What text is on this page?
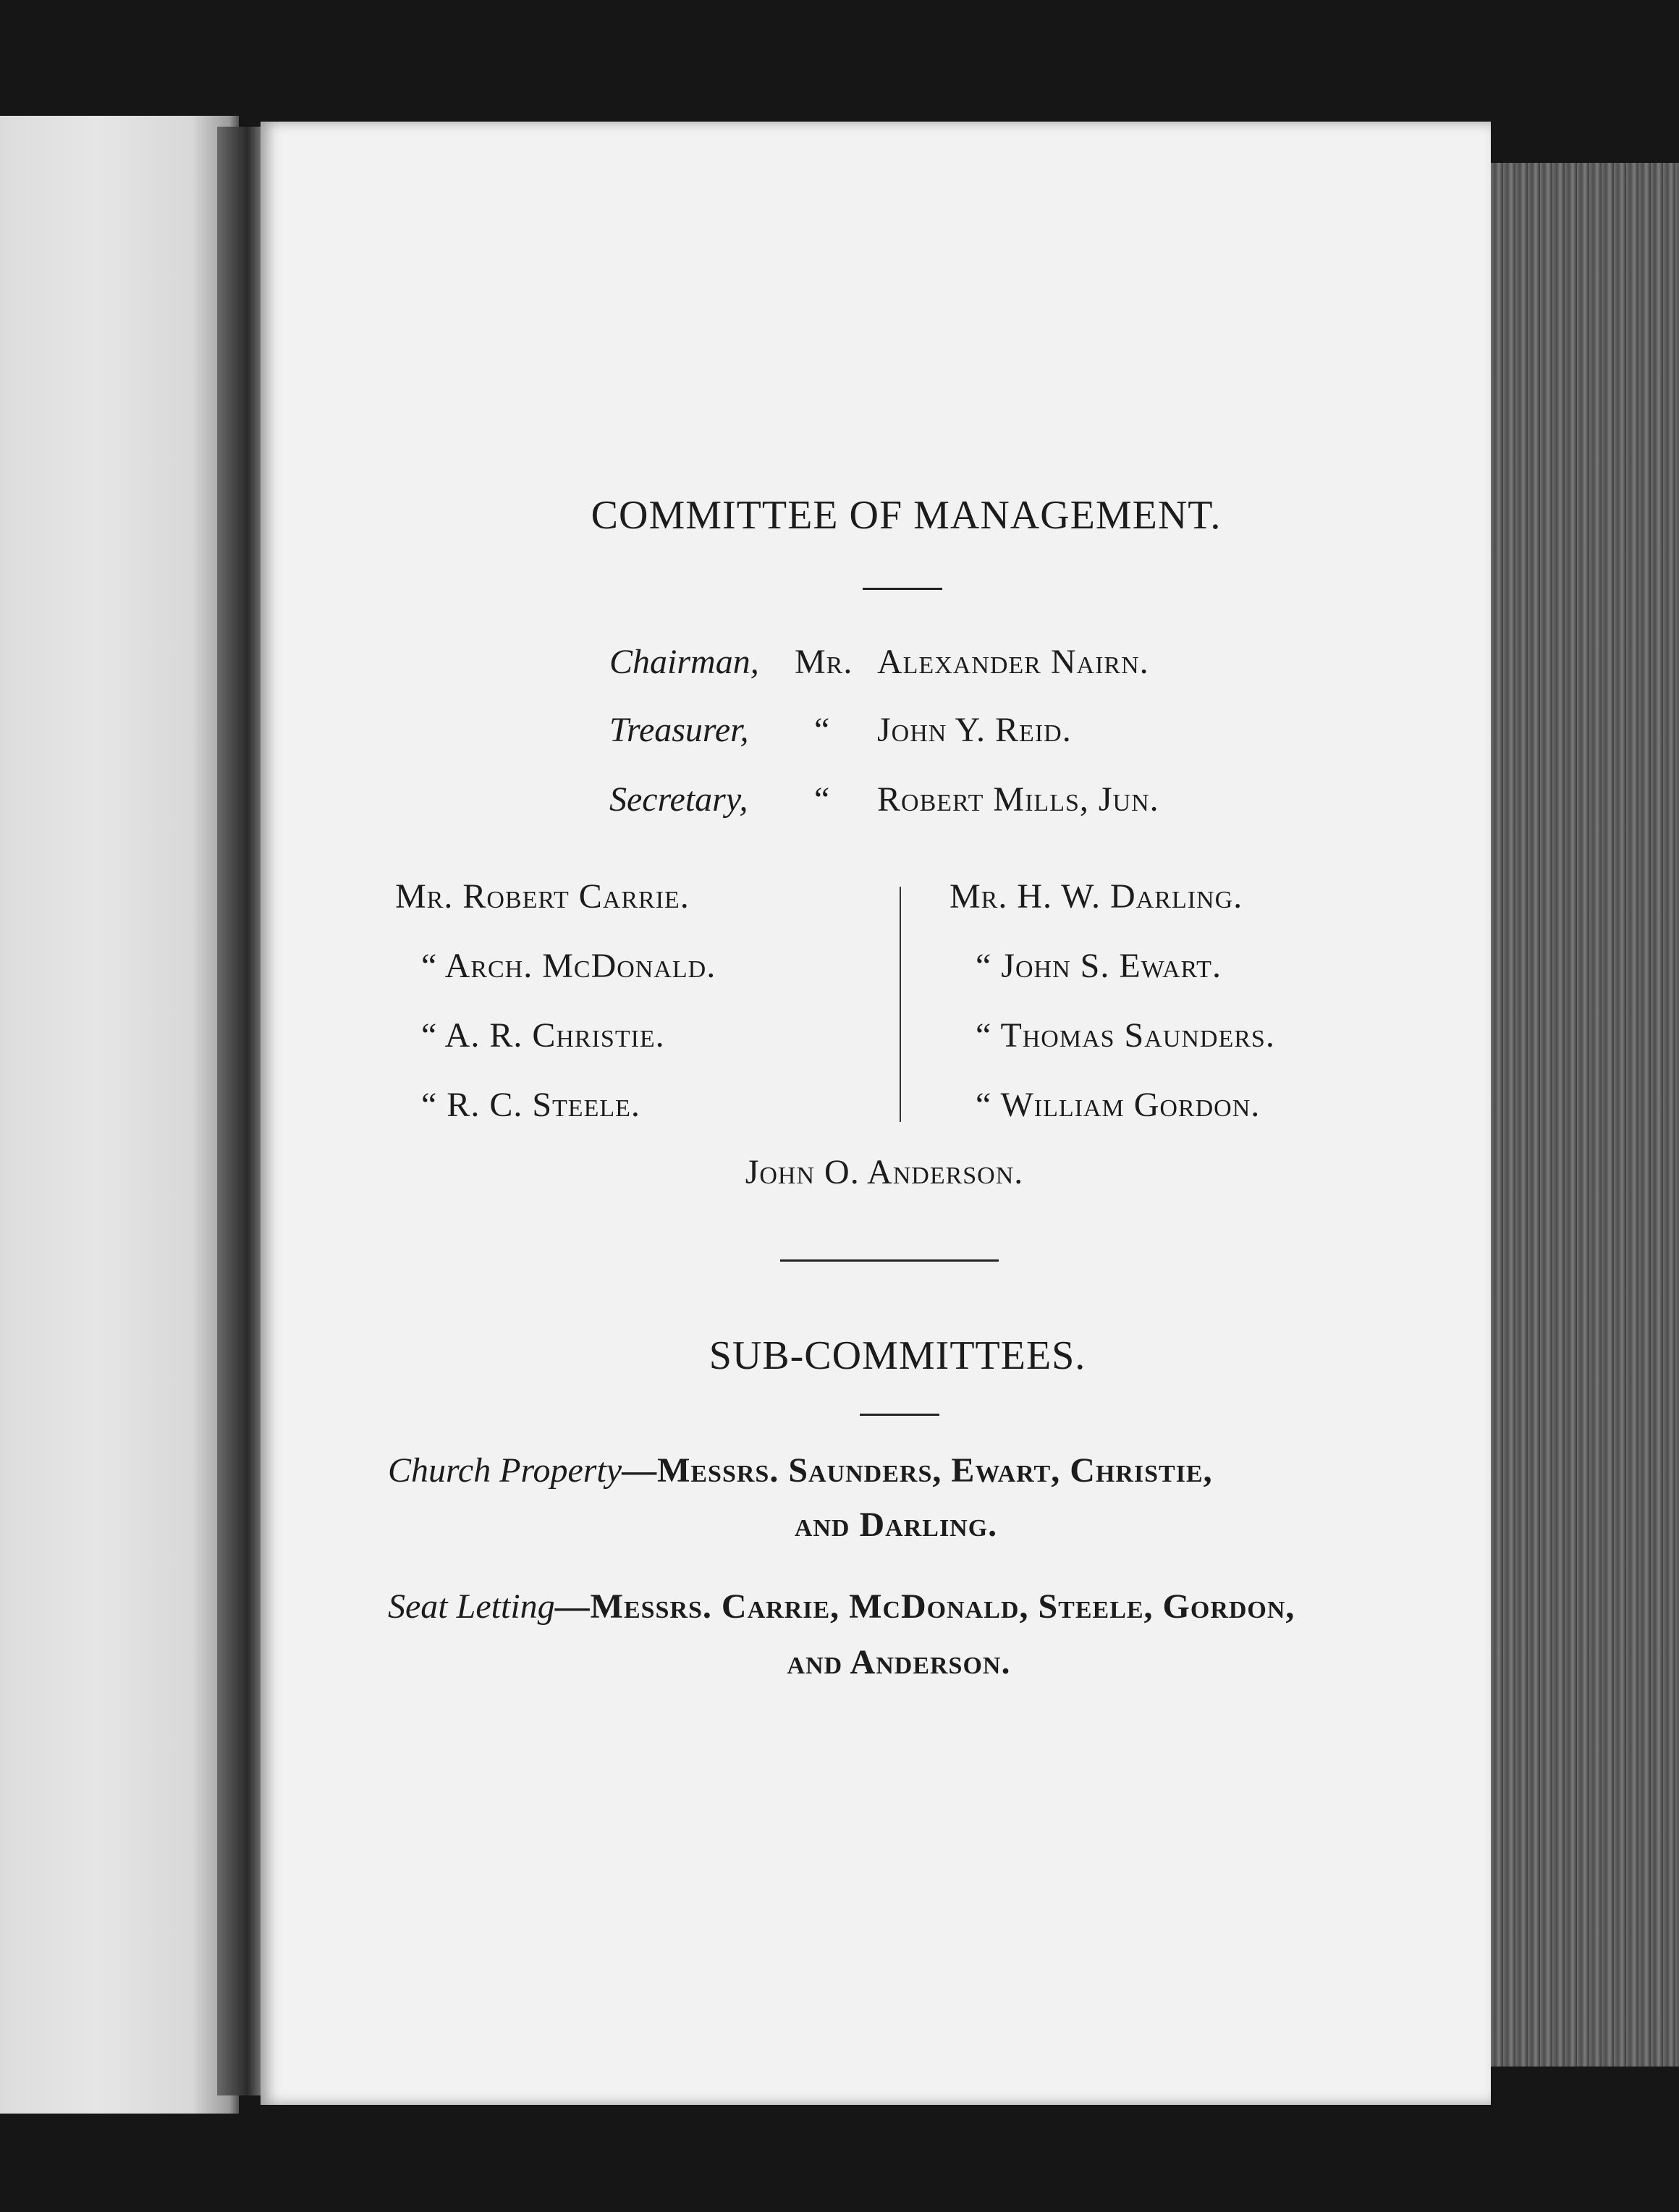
COMMITTEE OF MANAGEMENT.
Chairman, Mr. Alexander Nairn.
Treasurer, “ John Y. Reid.
Secretary, “ Robert Mills, Jun.
Mr. Robert Carrie.
“ Arch. McDonald.
“ A. R. Christie.
“ R. C. Steele.
Mr. H. W. Darling.
“ John S. Ewart.
“ Thomas Saunders.
“ William Gordon.
John O. Anderson.
SUB-COMMITTEES.
Church Property—Messrs. Saunders, Ewart, Christie,
and Darling.
Seat Letting—Messrs. Carrie, McDonald, Steele, Gordon,
and Anderson.
